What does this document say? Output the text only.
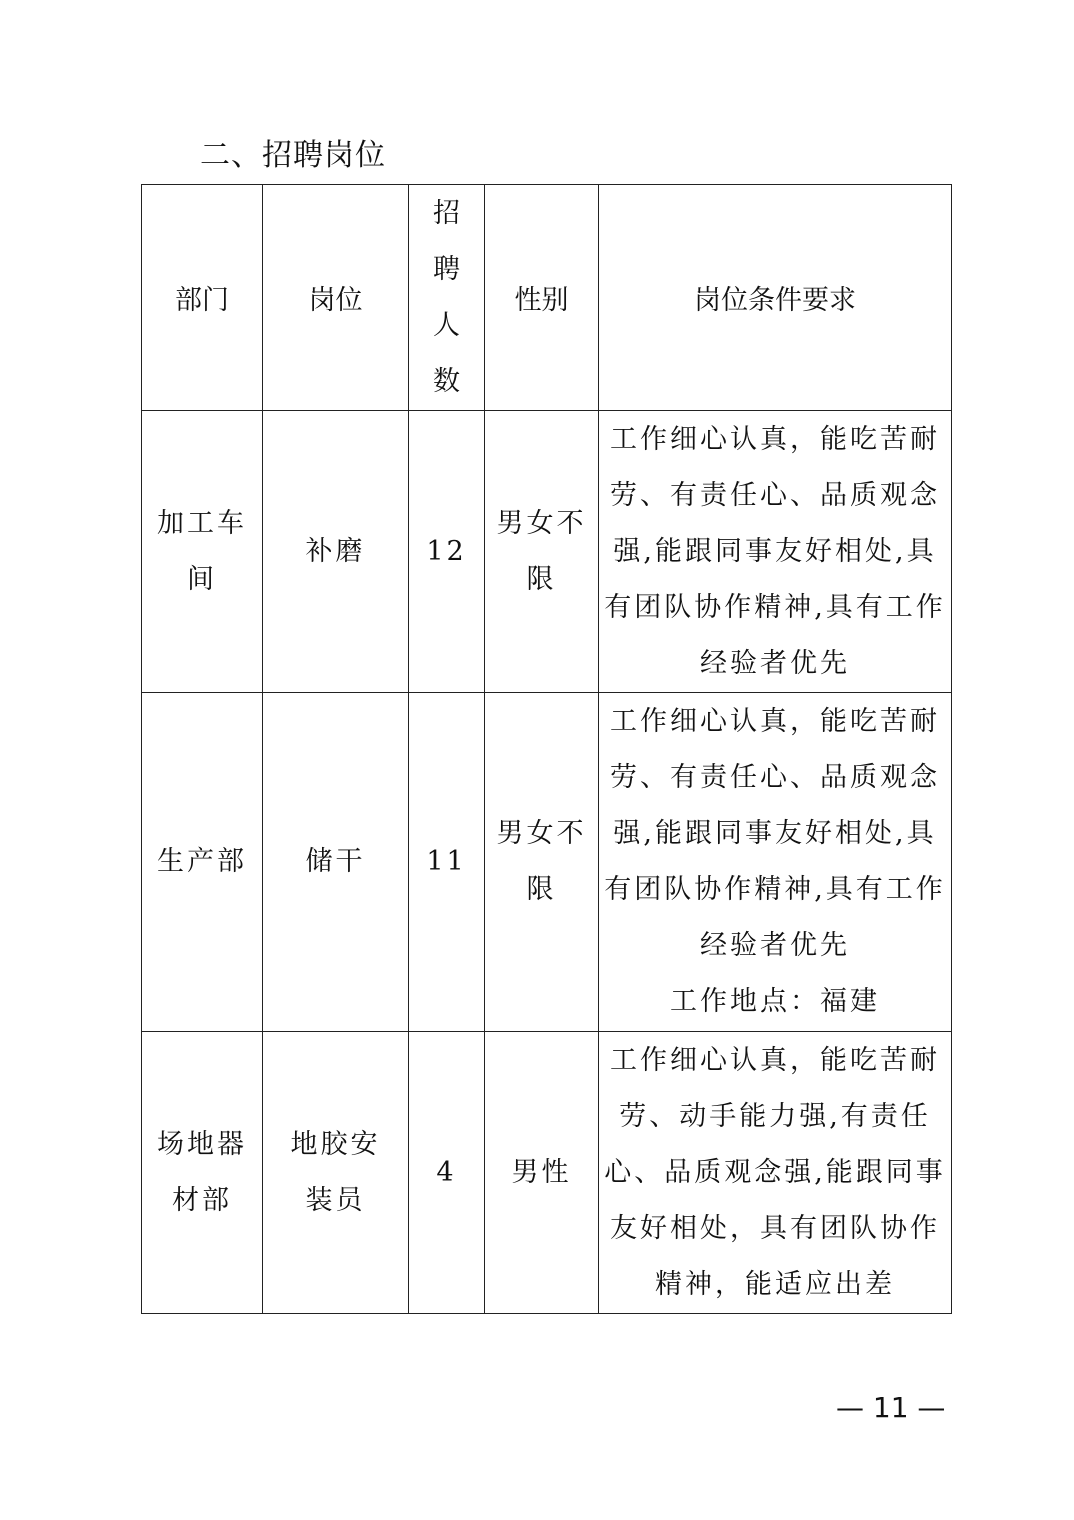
二、招聘岗位
部门	岗位	招聘人数	性别	岗位条件要求
加工车间	补磨	12	男女不限	工作细心认真，能吃苦耐劳、有责任心、品质观念强,能跟同事友好相处,具有团队协作精神,具有工作经验者优先

生产部	储干	11	男女不限	工作细心认真，能吃苦耐劳、有责任心、品质观念强,能跟同事友好相处,具有团队协作精神,具有工作经验者优先
工作地点：福建

场地器材部	地胶安装员	4	男性	工作细心认真，能吃苦耐劳、动手能力强,有责任心、品质观念强,能跟同事友好相处，具有团队协作精神，能适应出差
— 11 —
